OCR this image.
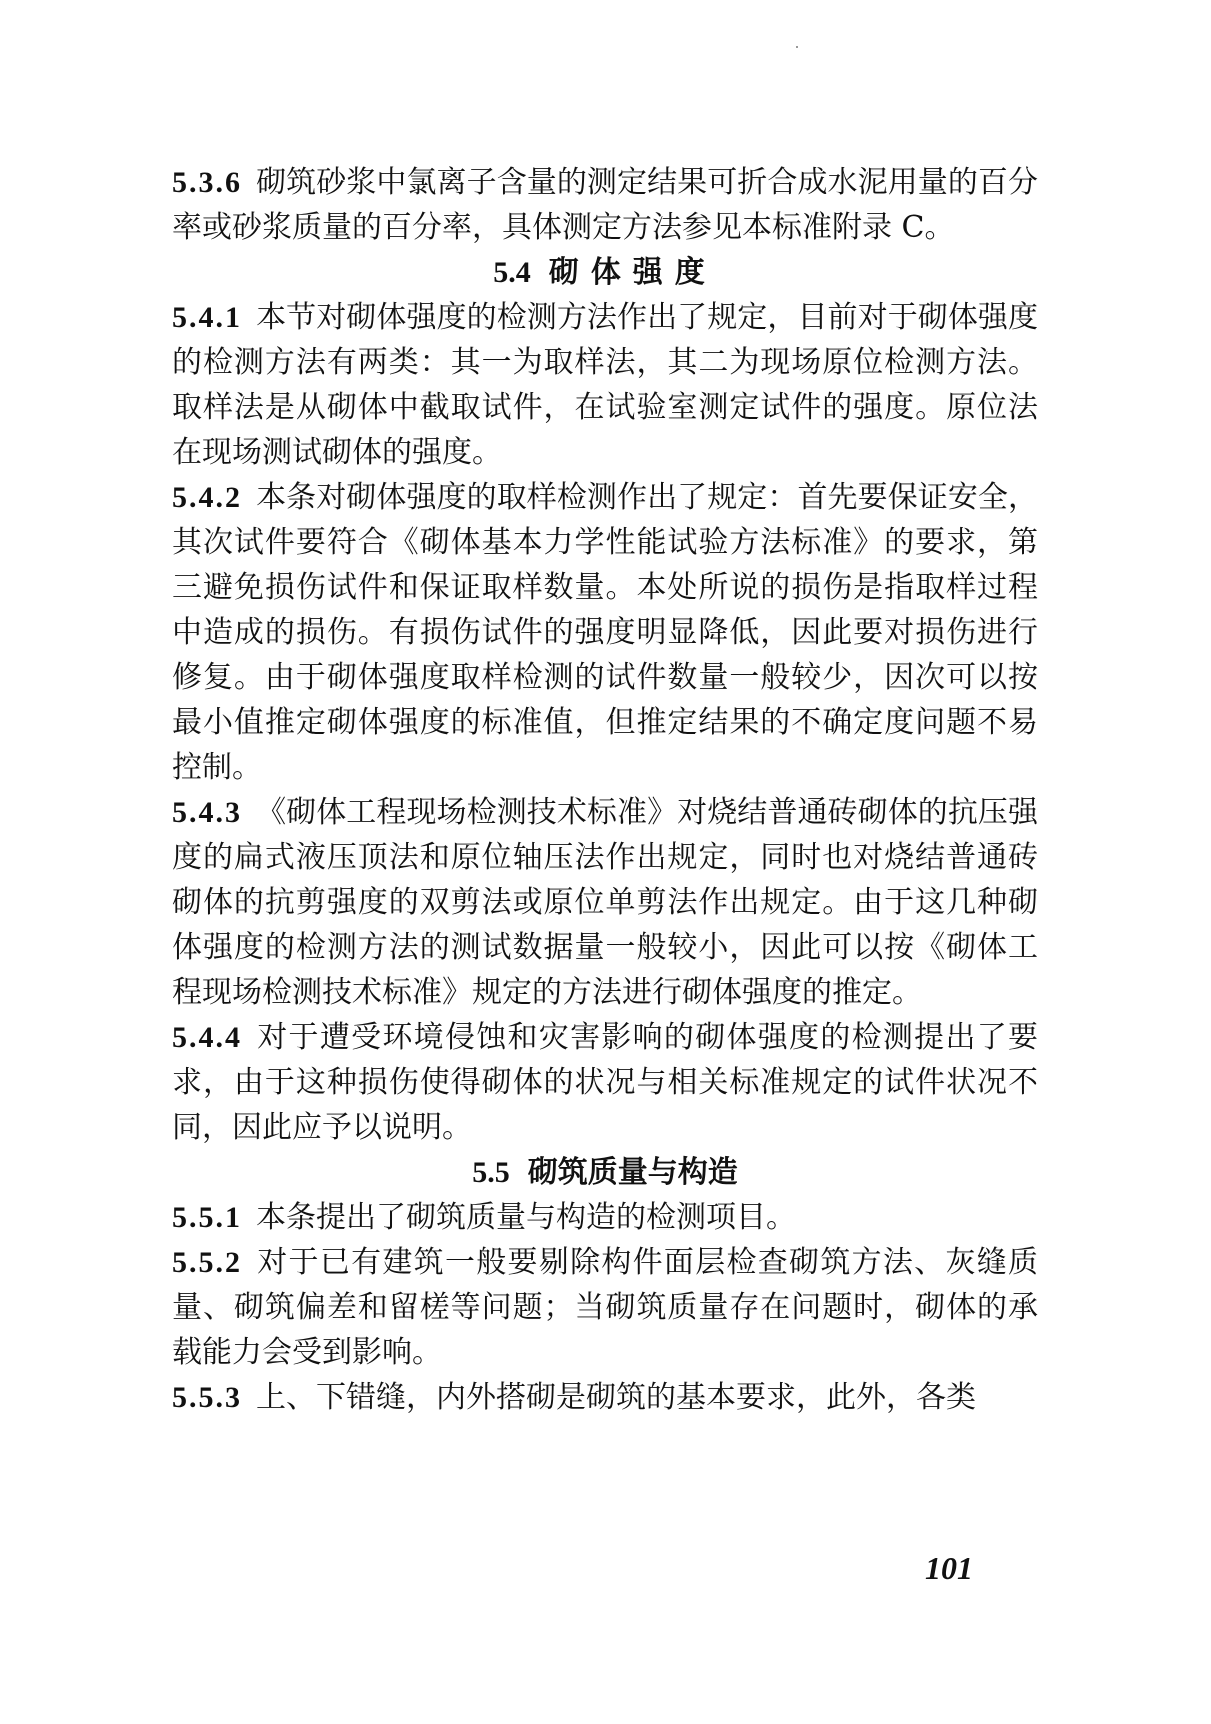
5.3.6 砌筑砂浆中氯离子含量的测定结果可折合成水泥用量的百分率或砂浆质量的百分率，具体测定方法参见本标准附录 C。

5.4 砌体强度

5.4.1 本节对砌体强度的检测方法作出了规定，目前对于砌体强度的检测方法有两类：其一为取样法，其二为现场原位检测方法。取样法是从砌体中截取试件，在试验室测定试件的强度。原位法在现场测试砌体的强度。

5.4.2 本条对砌体强度的取样检测作出了规定：首先要保证安全，其次试件要符合《砌体基本力学性能试验方法标准》的要求，第三避免损伤试件和保证取样数量。本处所说的损伤是指取样过程中造成的损伤。有损伤试件的强度明显降低，因此要对损伤进行修复。由于砌体强度取样检测的试件数量一般较少，因次可以按最小值推定砌体强度的标准值，但推定结果的不确定度问题不易控制。

5.4.3 《砌体工程现场检测技术标准》对烧结普通砖砌体的抗压强度的扁式液压顶法和原位轴压法作出规定，同时也对烧结普通砖砌体的抗剪强度的双剪法或原位单剪法作出规定。由于这几种砌体强度的检测方法的测试数据量一般较小，因此可以按《砌体工程现场检测技术标准》规定的方法进行砌体强度的推定。

5.4.4 对于遭受环境侵蚀和灾害影响的砌体强度的检测提出了要求，由于这种损伤使得砌体的状况与相关标准规定的试件状况不同，因此应予以说明。

5.5 砌筑质量与构造

5.5.1 本条提出了砌筑质量与构造的检测项目。

5.5.2 对于已有建筑一般要剔除构件面层检查砌筑方法、灰缝质量、砌筑偏差和留槎等问题；当砌筑质量存在问题时，砌体的承载能力会受到影响。

5.5.3 上、下错缝，内外搭砌是砌筑的基本要求，此外，各类

101
